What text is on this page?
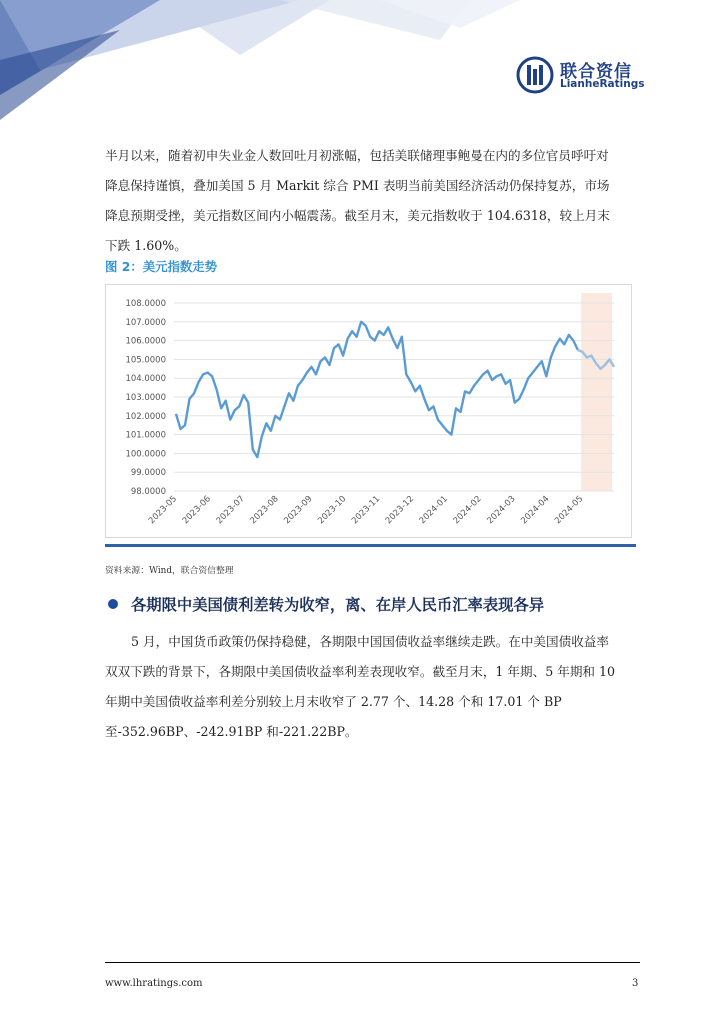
联合资信
LianheRatings
半月以来，随着初申失业金人数回吐月初涨幅，包括美联储理事鲍曼在内的多位官员呼吁对降息保持谨慎，叠加美国 5 月 Markit 综合 PMI 表明当前美国经济活动仍保持复苏，市场降息预期受挫，美元指数区间内小幅震荡。截至月末，美元指数收于 104.6318，较上月末下跌 1.60%。
图 2：美元指数走势
98.0000
99.0000
100.0000
101.0000
102.0000
103.0000
104.0000
105.0000
106.0000
107.0000
108.0000
2023-05 2023-06 2023-07 2023-08 2023-09 2023-10 2023-11 2023-12 2024-01 2024-02 2024-03 2024-04 2024-05
资料来源：Wind，联合资信整理
各期限中美国债利差转为收窄，离、在岸人民币汇率表现各异
5 月，中国货币政策仍保持稳健，各期限中国国债收益率继续走跌。在中美国债收益率双双下跌的背景下，各期限中美国债收益率利差表现收窄。截至月末，1 年期、5 年期和 10 年期中美国债收益率利差分别较上月末收窄了 2.77 个、14.28 个和 17.01 个 BP 至-352.96BP、-242.91BP 和-221.22BP。
www.lhratings.com	3
